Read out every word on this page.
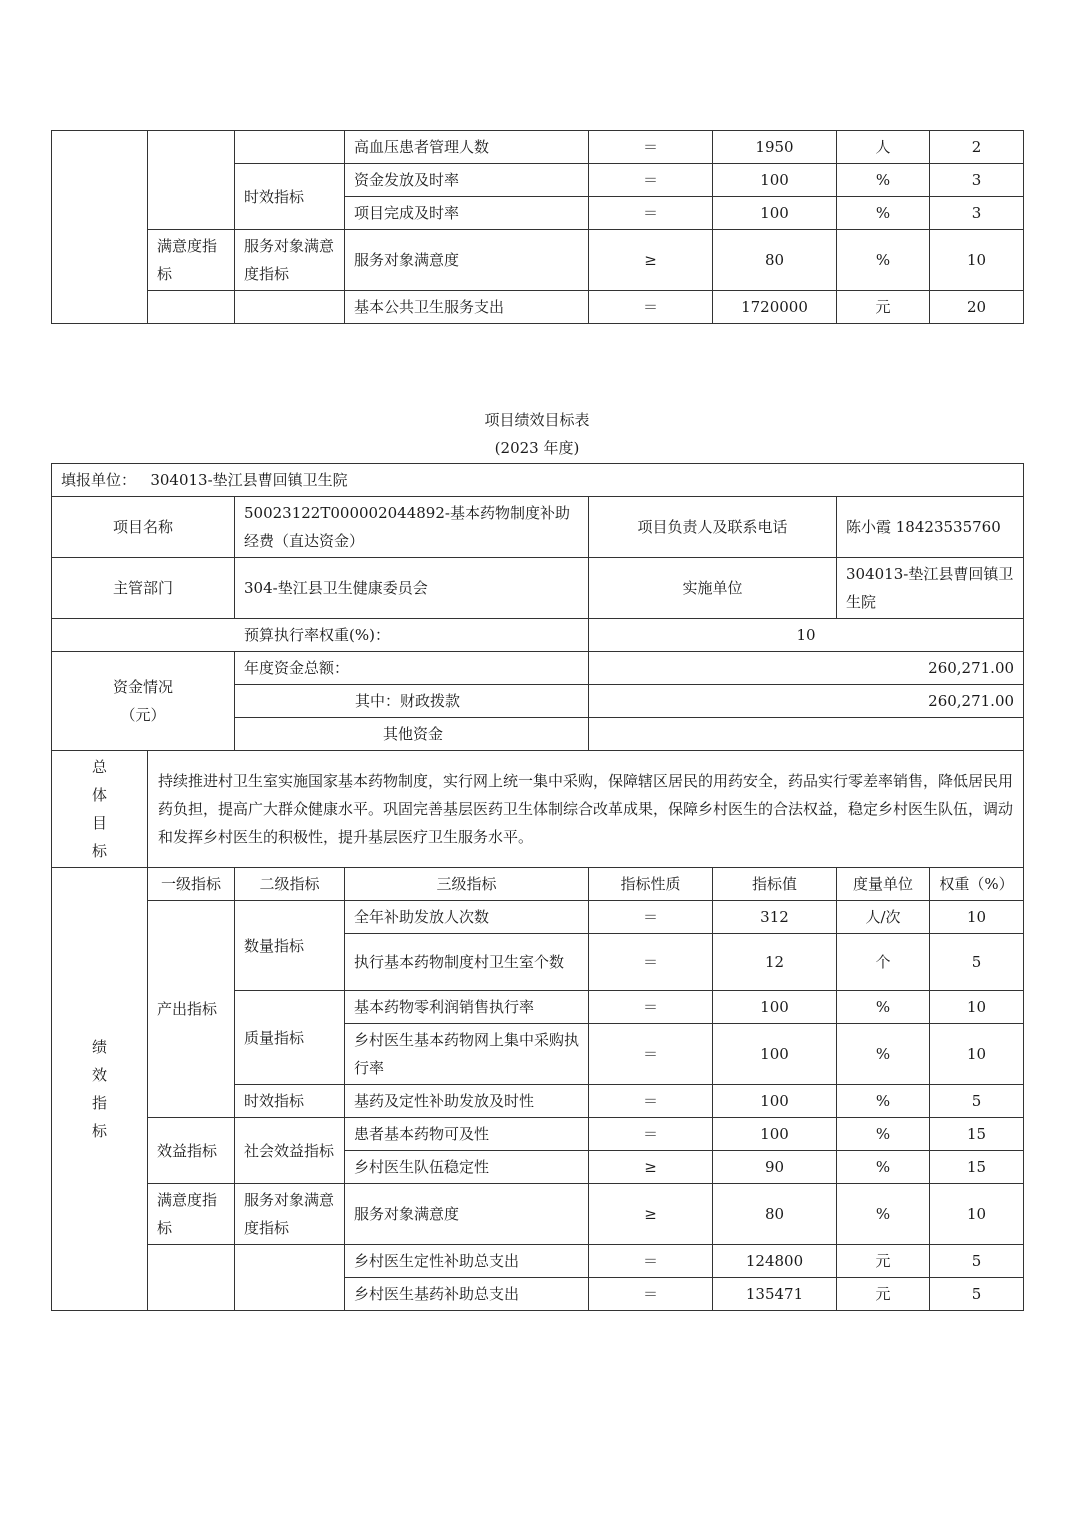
			高血压患者管理人数	＝	1950	人	2
		时效指标	资金发放及时率	＝	100	%	3
			项目完成及时率	＝	100	%	3
	满意度指标	服务对象满意度指标	服务对象满意度	≥	80	%	10
			基本公共卫生服务支出	＝	1720000	元	20
项目绩效目标表
(2023 年度)
填报单位： 304013-垫江县曹回镇卫生院							
项目名称		50023122T000002044892-基本药物制度补助经费（直达资金）		项目负责人及联系电话		陈小霞 18423535760	
主管部门		304-垫江县卫生健康委员会		实施单位		304013-垫江县曹回镇卫生院	
预算执行率权重(%)：				10			

资金情况
（元）		年度资金总额：		260,271.00			
		其中：财政拨款		260,271.00			
		其他资金					

总
体
目
标	持续推进村卫生室实施国家基本药物制度，实行网上统一集中采购，保障辖区居民的用药安全，药品实行零差率销售，降低居民用药负担，提高广大群众健康水平。巩固完善基层医药卫生体制综合改革成果，保障乡村医生的合法权益，稳定乡村医生队伍，调动和发挥乡村医生的积极性，提升基层医疗卫生服务水平。						

绩
效
指
标	一级指标	二级指标	三级指标	指标性质	指标值	度量单位	权重（%）
	产出指标	数量指标	全年补助发放人次数	＝	312	人/次	10
			执行基本药物制度村卫生室个数	＝	12	个	5
		质量指标	基本药物零利润销售执行率	＝	100	%	10
			乡村医生基本药物网上集中采购执行率	＝	100	%	10
		时效指标	基药及定性补助发放及时性	＝	100	%	5

	效益指标	社会效益指标	患者基本药物可及性	＝	100	%	15
			乡村医生队伍稳定性	≥	90	%	15
	满意度指标	服务对象满意度指标	服务对象满意度	≥	80	%	10
			乡村医生定性补助总支出	＝	124800	元	5
			乡村医生基药补助总支出	＝	135471	元	5
